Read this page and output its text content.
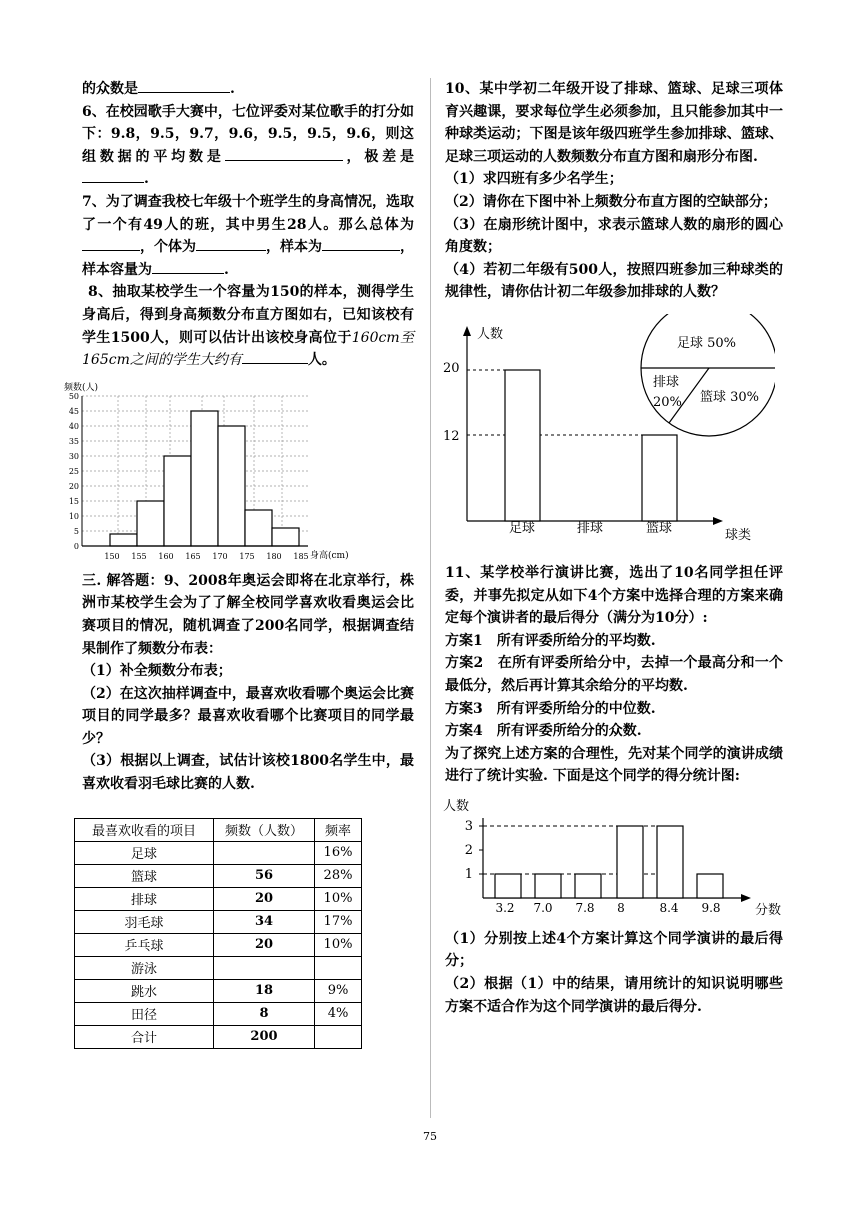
的众数是	.

6、在校园歌手大赛中，七位评委对某位歌手的打分如下：9.8，9.5，9.7，9.6，9.5，9.5，9.6，则这组数据的平均数是	，极差是.

7、为了调查我校七年级十个班学生的身高情况，选取了一个有49人的班，其中男生28人。那么总体为，个体为	，样本为	，样本容量为	.

8、抽取某校学生一个容量为150的样本，测得学生身高后，得到身高频数分布直方图如右，已知该校有学生1500人，则可以估计出该校身高位于160cm至165cm之间的学生大约有	人。

频数(人)
身高(cm)
50
45
40
35
30
25
20
15
10
5
0
150 155 160 165 170 175 180 185

三. 解答题：9、2008年奥运会即将在北京举行，株洲市某校学生会为了了解全校同学喜欢收看奥运会比赛项目的情况，随机调查了200名同学，根据调查结果制作了频数分布表：

（1）补全频数分布表；

（2）在这次抽样调查中，最喜欢收看哪个奥运会比赛项目的同学最多？最喜欢收看哪个比赛项目的同学最少？

（3）根据以上调查，试估计该校1800名学生中，最喜欢收看羽毛球比赛的人数.

最喜欢收看的项目	频数（人数）	频率
足球		16%
篮球	56	28%
排球	20	10%
羽毛球	34	17%
乒乓球	20	10%
游泳		
跳水	18	9%
田径	8	4%
合计	200	

10、某中学初二年级开设了排球、篮球、足球三项体育兴趣课，要求每位学生必须参加，且只能参加其中一种球类运动；下图是该年级四班学生参加排球、篮球、足球三项运动的人数频数分布直方图和扇形分布图.

（1）求四班有多少名学生；

（2）请你在下图中补上频数分布直方图的空缺部分；

（3）在扇形统计图中，求表示篮球人数的扇形的圆心角度数；

（4）若初二年级有500人，按照四班参加三种球类的规律性，请你估计初二年级参加排球的人数？

人数
球类
20
12
足球	排球	篮球
足球 50%
排球
20% 篮球 30%

11、某学校举行演讲比赛，选出了10名同学担任评委，并事先拟定从如下4个方案中选择合理的方案来确定每个演讲者的最后得分（满分为10分）:

方案1　所有评委所给分的平均数.

方案2　在所有评委所给分中，去掉一个最高分和一个最低分，然后再计算其余给分的平均数.

方案3　所有评委所给分的中位数.

方案4　所有评委所给分的众数.

为了探究上述方案的合理性，先对某个同学的演讲成绩进行了统计实验. 下面是这个同学的得分统计图:

人数
分数
3
2
1
3.2 7.0 7.8 8	8.4 9.8

（1）分别按上述4个方案计算这个同学演讲的最后得分；

（2）根据（1）中的结果，请用统计的知识说明哪些方案不适合作为这个同学演讲的最后得分.

75
